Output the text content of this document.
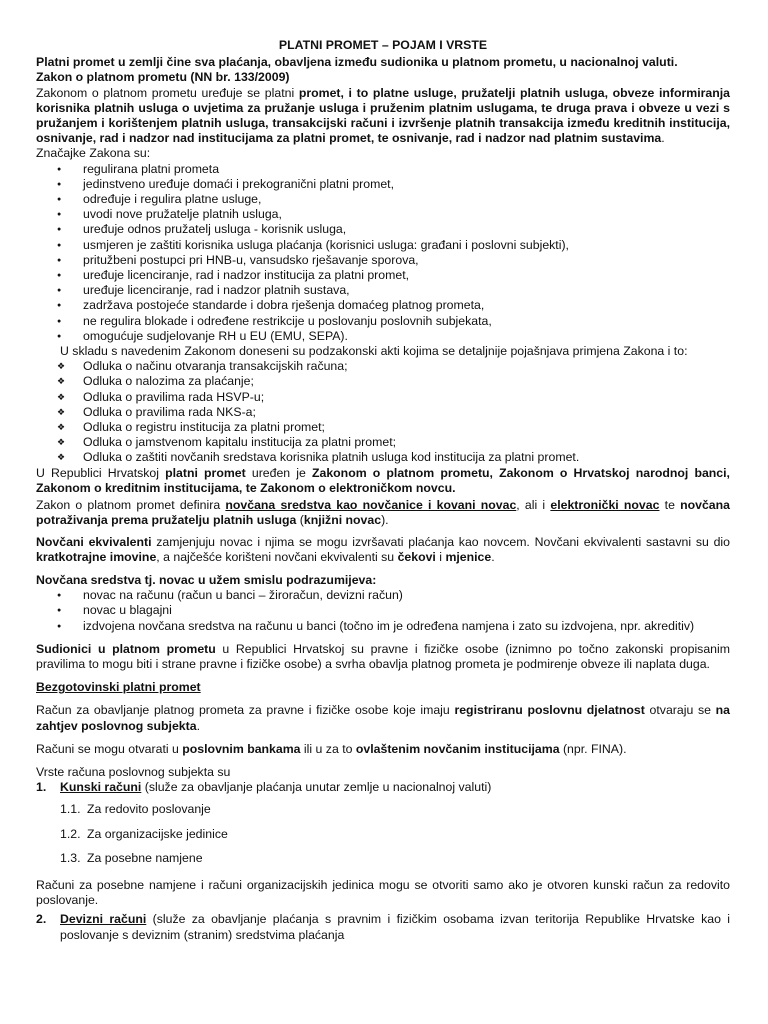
PLATNI PROMET – POJAM I VRSTE

Platni promet u zemlji čine sva plaćanja, obavljena između sudionika u platnom prometu, u nacionalnoj valuti.

Zakon o platnom prometu (NN br. 133/2009)

Zakonom o platnom prometu uređuje se platni promet, i to platne usluge, pružatelji platnih usluga, obveze informiranja korisnika platnih usluga o uvjetima za pružanje usluga i pruženim platnim uslugama, te druga prava i obveze u vezi s pružanjem i korištenjem platnih usluga, transakcijski računi i izvršenje platnih transakcija između kreditnih institucija, osnivanje, rad i nadzor nad institucijama za platni promet, te osnivanje, rad i nadzor nad platnim sustavima.

Značajke Zakona su:

● regulirana platni prometa
● jedinstveno uređuje domaći i prekogranični platni promet,
● određuje i regulira platne usluge,
● uvodi nove pružatelje platnih usluga,
● uređuje odnos pružatelj usluga - korisnik usluga,
● usmjeren je zaštiti korisnika usluga plaćanja (korisnici usluga: građani i poslovni subjekti),
● pritužbeni postupci pri HNB-u, vansudsko rješavanje sporova,
● uređuje licenciranje, rad i nadzor institucija za platni promet,
● uređuje licenciranje, rad i nadzor platnih sustava,
● zadržava postojeće standarde i dobra rješenja domaćeg platnog prometa,
● ne regulira blokade i određene restrikcije u poslovanju poslovnih subjekata,
● omogućuje sudjelovanje RH u EU (EMU, SEPA).

U skladu s navedenim Zakonom doneseni su podzakonski akti kojima se detaljnije pojašnjava primjena Zakona i to:

❖ Odluka o načinu otvaranja transakcijskih računa;
❖ Odluka o nalozima za plaćanje;
❖ Odluka o pravilima rada HSVP-u;
❖ Odluka o pravilima rada NKS-a;
❖ Odluka o registru institucija za platni promet;
❖ Odluka o jamstvenom kapitalu institucija za platni promet;
❖ Odluka o zaštiti novčanih sredstava korisnika platnih usluga kod institucija za platni promet.

U Republici Hrvatskoj platni promet uređen je Zakonom o platnom prometu, Zakonom o Hrvatskoj narodnoj banci, Zakonom o kreditnim institucijama, te Zakonom o elektroničkom novcu.

Zakon o platnom promet definira novčana sredstva kao novčanice i kovani novac, ali i elektronički novac te novčana potraživanja prema pružatelju platnih usluga (knjižni novac).

Novčani ekvivalenti zamjenjuju novac i njima se mogu izvršavati plaćanja kao novcem. Novčani ekvivalenti sastavni su dio kratkotrajne imovine, a najčešće korišteni novčani ekvivalenti su čekovi i mjenice.

Novčana sredstva tj. novac u užem smislu podrazumijeva:

● novac na računu (račun u banci – žiroračun, devizni račun)
● novac u blagajni
● izdvojena novčana sredstva na računu u banci (točno im je određena namjena i zato su izdvojena, npr. akreditiv)

Sudionici u platnom prometu u Republici Hrvatskoj su pravne i fizičke osobe (iznimno po točno zakonski propisanim pravilima to mogu biti i strane pravne i fizičke osobe) a svrha obavlja platnog prometa je podmirenje obveze ili naplata duga.

Bezgotovinski platni promet

Račun za obavljanje platnog prometa za pravne i fizičke osobe koje imaju registriranu poslovnu djelatnost otvaraju se na zahtjev poslovnog subjekta.

Računi se mogu otvarati u poslovnim bankama ili u za to ovlaštenim novčanim institucijama (npr. FINA).

Vrste računa poslovnog subjekta su

1. Kunski računi (služe za obavljanje plaćanja unutar zemlje u nacionalnoj valuti)

1.1. Za redovito poslovanje

1.2. Za organizacijske jedinice

1.3. Za posebne namjene

Računi za posebne namjene i računi organizacijskih jedinica mogu se otvoriti samo ako je otvoren kunski račun za redovito poslovanje.

2. Devizni računi (služe za obavljanje plaćanja s pravnim i fizičkim osobama izvan teritorija Republike Hrvatske kao i poslovanje s deviznim (stranim) sredstvima plaćanja
